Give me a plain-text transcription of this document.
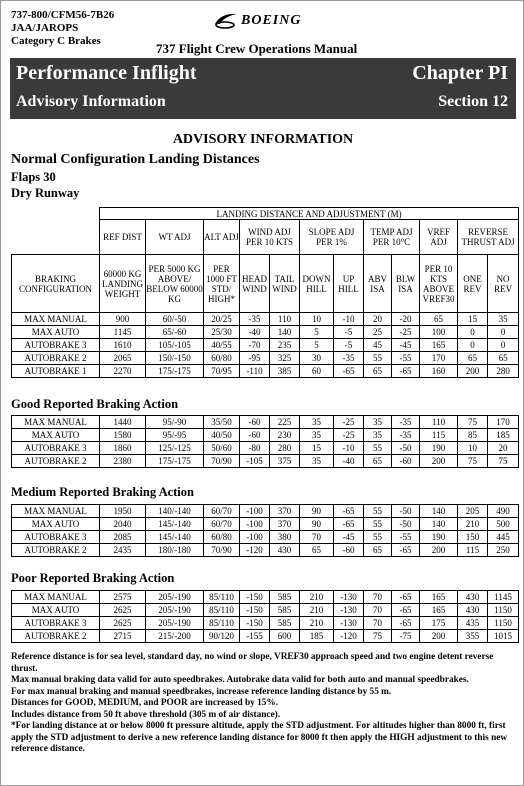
737-800/CFM56-7B26
JAA/JAROPS
Category C Brakes
BOEING
737 Flight Crew Operations Manual
Performance Inflight	Chapter PI
Advisory Information	Section 12
ADVISORY INFORMATION
Normal Configuration Landing Distances
Flaps 30
Dry Runway
	LANDING DISTANCE AND ADJUSTMENT (M)											
	REF DIST	WT ADJ	ALT ADJ	WIND ADJ PER 10 KTS		SLOPE ADJ PER 1%		TEMP ADJ PER 10°C		VREF ADJ	REVERSE THRUST ADJ	
BRAKING CONFIGURATION	60000 KG LANDING WEIGHT	PER 5000 KG ABOVE/ BELOW 60000 KG	PER 1000 FT STD/ HIGH*	HEAD WIND	TAIL WIND	DOWN HILL	UP HILL	ABV ISA	BLW ISA	PER 10 KTS ABOVE VREF30	ONE REV	NO REV
MAX MANUAL	900	60/-50	20/25	-35	110	10	-10	20	-20	65	15	35
MAX AUTO	1145	65/-60	25/30	-40	140	5	-5	25	-25	100	0	0
AUTOBRAKE 3	1610	105/-105	40/55	-70	235	5	-5	45	-45	165	0	0
AUTOBRAKE 2	2065	150/-150	60/80	-95	325	30	-35	55	-55	170	65	65
AUTOBRAKE 1	2270	175/-175	70/95	-110	385	60	-65	65	-65	160	200	280
Good Reported Braking Action
MAX MANUAL	1440	95/-90	35/50	-60	225	35	-25	35	-35	110	75	170
MAX AUTO	1580	95/-95	40/50	-60	230	35	-25	35	-35	115	85	185
AUTOBRAKE 3	1860	125/-125	50/60	-80	280	15	-10	55	-50	190	10	20
AUTOBRAKE 2	2380	175/-175	70/90	-105	375	35	-40	65	-60	200	75	75
Medium Reported Braking Action
MAX MANUAL	1950	140/-140	60/70	-100	370	90	-65	55	-50	140	205	490
MAX AUTO	2040	145/-140	60/70	-100	370	90	-65	55	-50	140	210	500
AUTOBRAKE 3	2085	145/-140	60/80	-100	380	70	-45	55	-55	190	150	445
AUTOBRAKE 2	2435	180/-180	70/90	-120	430	65	-60	65	-65	200	115	250
Poor Reported Braking Action
MAX MANUAL	2575	205/-190	85/110	-150	585	210	-130	70	-65	165	430	1145
MAX AUTO	2625	205/-190	85/110	-150	585	210	-130	70	-65	165	430	1150
AUTOBRAKE 3	2625	205/-190	85/110	-150	585	210	-130	70	-65	175	435	1150
AUTOBRAKE 2	2715	215/-200	90/120	-155	600	185	-120	75	-75	200	355	1015
Reference distance is for sea level, standard day, no wind or slope, VREF30 approach speed and two engine detent reverse thrust.
Max manual braking data valid for auto speedbrakes. Autobrake data valid for both auto and manual speedbrakes.
For max manual braking and manual speedbrakes, increase reference landing distance by 55 m.
Distances for GOOD, MEDIUM, and POOR are increased by 15%.
Includes distance from 50 ft above threshold (305 m of air distance).
*For landing distance at or below 8000 ft pressure altitude, apply the STD adjustment. For altitudes higher than 8000 ft, first apply the STD adjustment to derive a new reference landing distance for 8000 ft then apply the HIGH adjustment to this new reference distance.
